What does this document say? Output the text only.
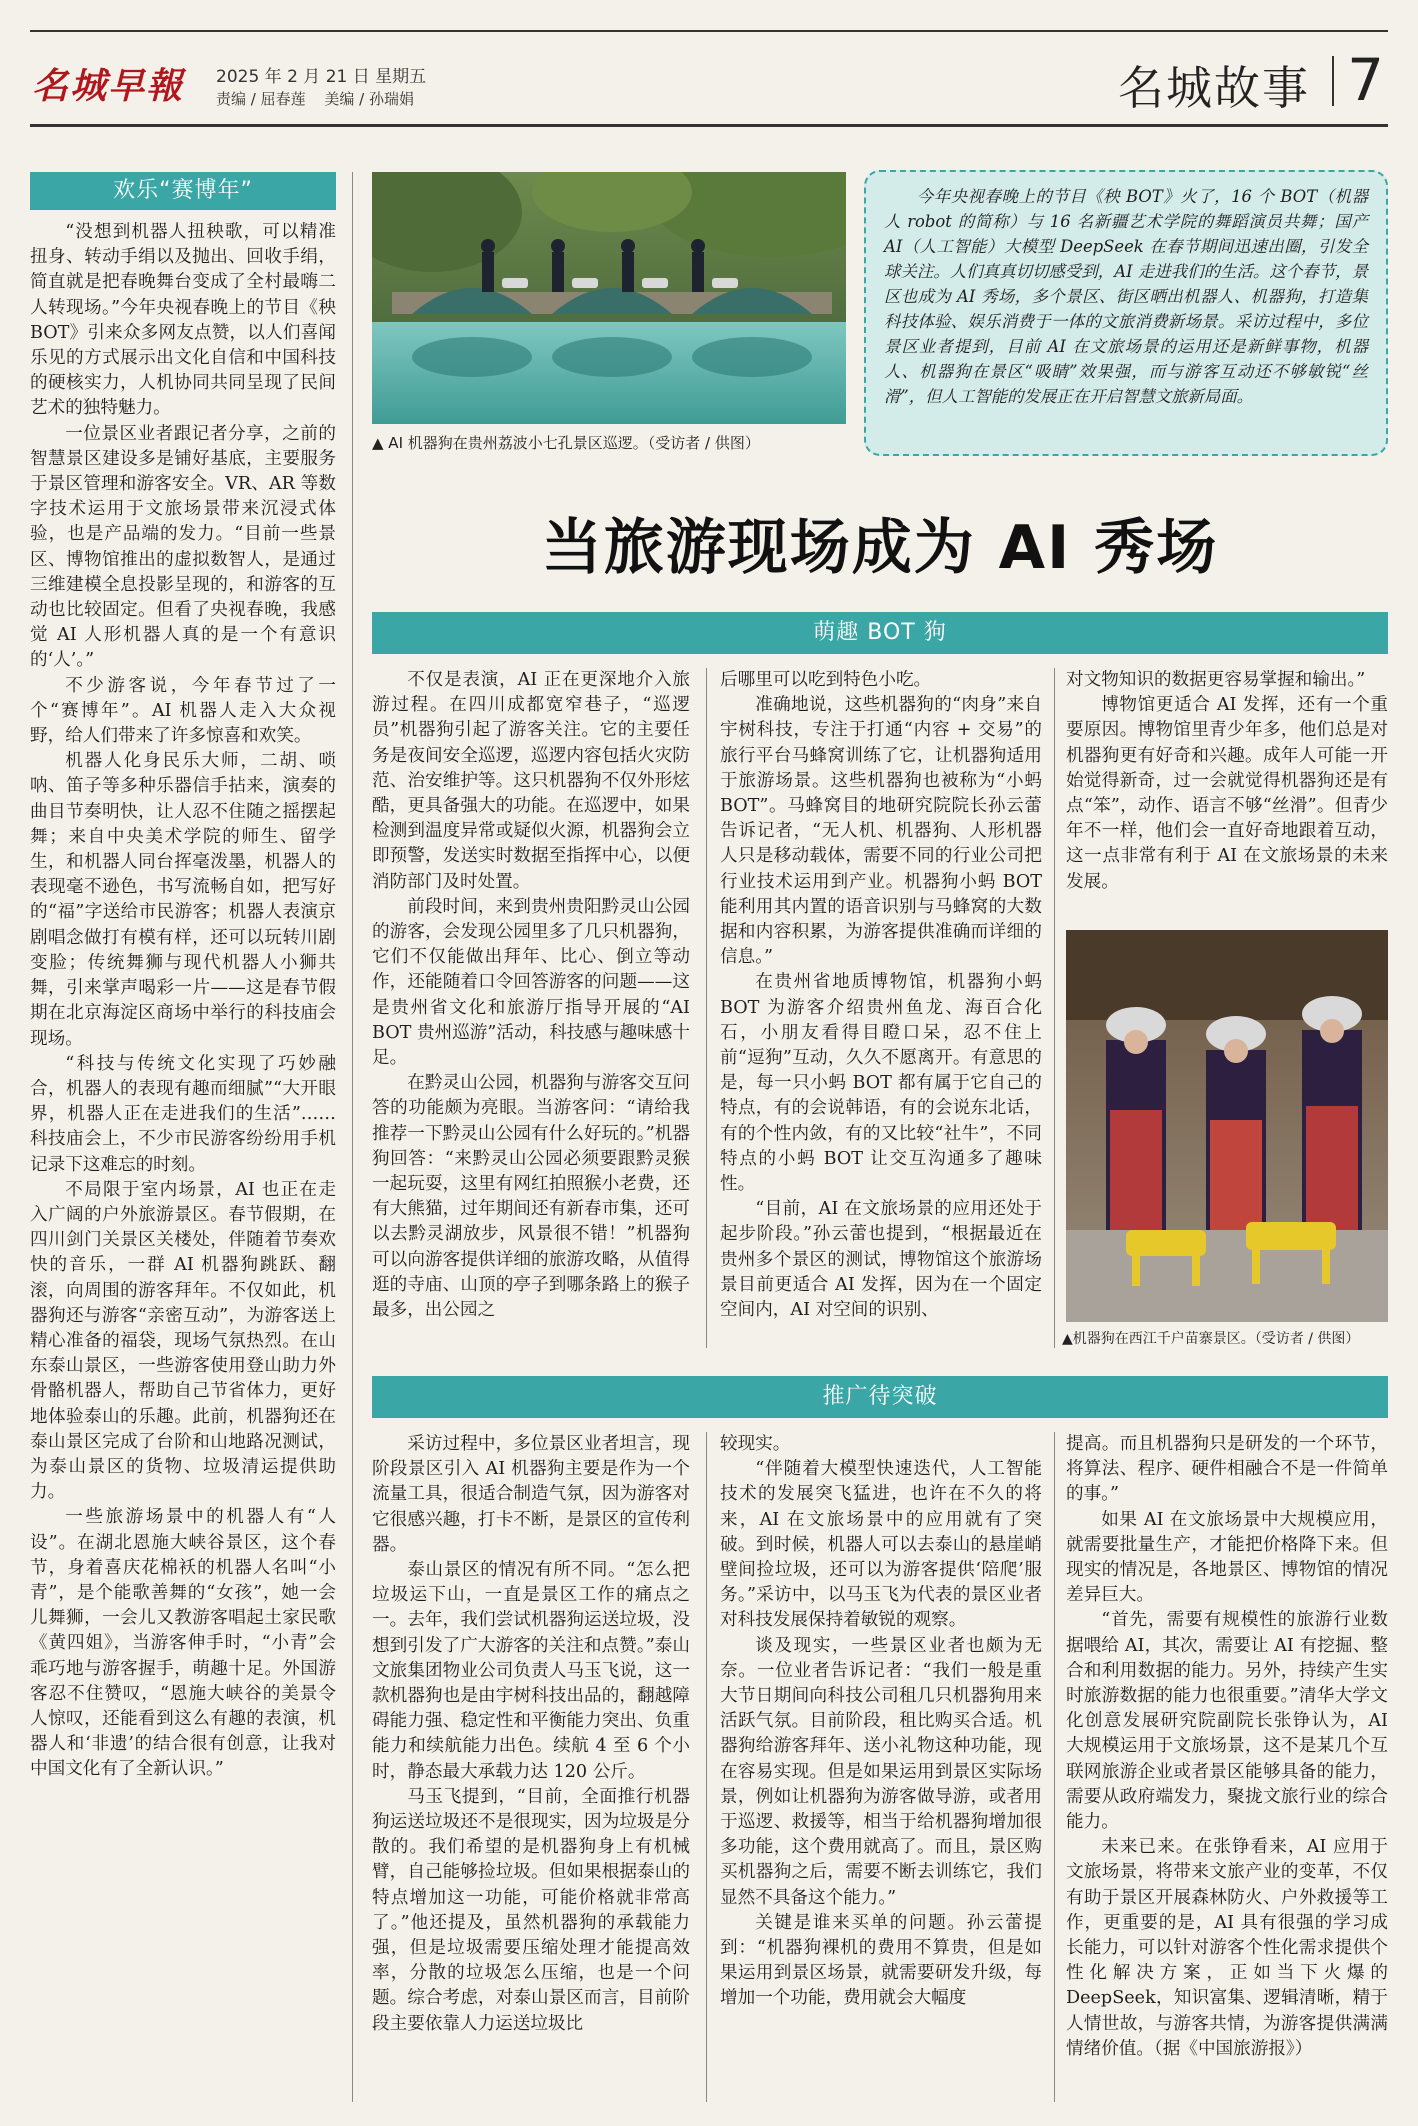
名城早報	2025 年 2 月 21 日 星期五
责编 / 屈春莲 美编 / 孙瑞娟	名城故事 7
欢乐“赛博年”

“没想到机器人扭秧歌，可以精准扭身、转动手绢以及抛出、回收手绢，简直就是把春晚舞台变成了全村最嗨二人转现场。”今年央视春晚上的节目《秧 BOT》引来众多网友点赞，以人们喜闻乐见的方式展示出文化自信和中国科技的硬核实力，人机协同共同呈现了民间艺术的独特魅力。

一位景区业者跟记者分享，之前的智慧景区建设多是铺好基底，主要服务于景区管理和游客安全。VR、AR 等数字技术运用于文旅场景带来沉浸式体验，也是产品端的发力。“目前一些景区、博物馆推出的虚拟数智人，是通过三维建模全息投影呈现的，和游客的互动也比较固定。但看了央视春晚，我感觉 AI 人形机器人真的是一个有意识的‘人’。”

不少游客说，今年春节过了一个“赛博年”。AI 机器人走入大众视野，给人们带来了许多惊喜和欢笑。

机器人化身民乐大师，二胡、唢呐、笛子等多种乐器信手拈来，演奏的曲目节奏明快，让人忍不住随之摇摆起舞；来自中央美术学院的师生、留学生，和机器人同台挥毫泼墨，机器人的表现毫不逊色，书写流畅自如，把写好的“福”字送给市民游客；机器人表演京剧唱念做打有模有样，还可以玩转川剧变脸；传统舞狮与现代机器人小狮共舞，引来掌声喝彩一片——这是春节假期在北京海淀区商场中举行的科技庙会现场。

“科技与传统文化实现了巧妙融合，机器人的表现有趣而细腻”“大开眼界，机器人正在走进我们的生活”……科技庙会上，不少市民游客纷纷用手机记录下这难忘的时刻。

不局限于室内场景，AI 也正在走入广阔的户外旅游景区。春节假期，在四川剑门关景区关楼处，伴随着节奏欢快的音乐，一群 AI 机器狗跳跃、翻滚，向周围的游客拜年。不仅如此，机器狗还与游客“亲密互动”，为游客送上精心准备的福袋，现场气氛热烈。在山东泰山景区，一些游客使用登山助力外骨骼机器人，帮助自己节省体力，更好地体验泰山的乐趣。此前，机器狗还在泰山景区完成了台阶和山地路况测试，为泰山景区的货物、垃圾清运提供助力。

一些旅游场景中的机器人有“人设”。在湖北恩施大峡谷景区，这个春节，身着喜庆花棉袄的机器人名叫“小青”，是个能歌善舞的“女孩”，她一会儿舞狮，一会儿又教游客唱起土家民歌《黄四姐》，当游客伸手时，“小青”会乖巧地与游客握手，萌趣十足。外国游客忍不住赞叹，“恩施大峡谷的美景令人惊叹，还能看到这么有趣的表演，机器人和‘非遗’的结合很有创意，让我对中国文化有了全新认识。”

▲ AI 机器狗在贵州荔波小七孔景区巡逻。（受访者 / 供图）
今年央视春晚上的节目《秧 BOT》火了，16 个 BOT（机器人 robot 的简称）与 16 名新疆艺术学院的舞蹈演员共舞；国产 AI（人工智能）大模型 DeepSeek 在春节期间迅速出圈，引发全球关注。人们真真切切感受到，AI 走进我们的生活。这个春节，景区也成为 AI 秀场，多个景区、街区晒出机器人、机器狗，打造集科技体验、娱乐消费于一体的文旅消费新场景。采访过程中，多位景区业者提到，目前 AI 在文旅场景的运用还是新鲜事物，机器人、机器狗在景区“吸睛”效果强，而与游客互动还不够敏锐“丝滑”，但人工智能的发展正在开启智慧文旅新局面。
当旅游现场成为 AI 秀场
萌趣 BOT 狗

不仅是表演，AI 正在更深地介入旅游过程。在四川成都宽窄巷子，“巡逻员”机器狗引起了游客关注。它的主要任务是夜间安全巡逻，巡逻内容包括火灾防范、治安维护等。这只机器狗不仅外形炫酷，更具备强大的功能。在巡逻中，如果检测到温度异常或疑似火源，机器狗会立即预警，发送实时数据至指挥中心，以便消防部门及时处置。

前段时间，来到贵州贵阳黔灵山公园的游客，会发现公园里多了几只机器狗，它们不仅能做出拜年、比心、倒立等动作，还能随着口令回答游客的问题——这是贵州省文化和旅游厅指导开展的“AI BOT 贵州巡游”活动，科技感与趣味感十足。

在黔灵山公园，机器狗与游客交互问答的功能颇为亮眼。当游客问：“请给我推荐一下黔灵山公园有什么好玩的。”机器狗回答：“来黔灵山公园必须要跟黔灵猴一起玩耍，这里有网红拍照猴小老费，还有大熊猫，过年期间还有新春市集，还可以去黔灵湖放步，风景很不错！”机器狗可以向游客提供详细的旅游攻略，从值得逛的寺庙、山顶的亭子到哪条路上的猴子最多，出公园之

后哪里可以吃到特色小吃。

准确地说，这些机器狗的“肉身”来自宇树科技，专注于打通“内容 + 交易”的旅行平台马蜂窝训练了它，让机器狗适用于旅游场景。这些机器狗也被称为“小蚂 BOT”。马蜂窝目的地研究院院长孙云蕾告诉记者，“无人机、机器狗、人形机器人只是移动载体，需要不同的行业公司把行业技术运用到产业。机器狗小蚂 BOT 能利用其内置的语音识别与马蜂窝的大数据和内容积累，为游客提供准确而详细的信息。”

在贵州省地质博物馆，机器狗小蚂 BOT 为游客介绍贵州鱼龙、海百合化石，小朋友看得目瞪口呆，忍不住上前“逗狗”互动，久久不愿离开。有意思的是，每一只小蚂 BOT 都有属于它自己的特点，有的会说韩语，有的会说东北话，有的个性内敛，有的又比较“社牛”，不同特点的小蚂 BOT 让交互沟通多了趣味性。

“目前，AI 在文旅场景的应用还处于起步阶段。”孙云蕾也提到，“根据最近在贵州多个景区的测试，博物馆这个旅游场景目前更适合 AI 发挥，因为在一个固定空间内，AI 对空间的识别、

对文物知识的数据更容易掌握和输出。”

博物馆更适合 AI 发挥，还有一个重要原因。博物馆里青少年多，他们总是对机器狗更有好奇和兴趣。成年人可能一开始觉得新奇，过一会就觉得机器狗还是有点“笨”，动作、语言不够“丝滑”。但青少年不一样，他们会一直好奇地跟着互动，这一点非常有利于 AI 在文旅场景的未来发展。

▲机器狗在西江千户苗寨景区。（受访者 / 供图）
推广待突破

采访过程中，多位景区业者坦言，现阶段景区引入 AI 机器狗主要是作为一个流量工具，很适合制造气氛，因为游客对它很感兴趣，打卡不断，是景区的宣传利器。

泰山景区的情况有所不同。“怎么把垃圾运下山，一直是景区工作的痛点之一。去年，我们尝试机器狗运送垃圾，没想到引发了广大游客的关注和点赞。”泰山文旅集团物业公司负责人马玉飞说，这一款机器狗也是由宇树科技出品的，翻越障碍能力强、稳定性和平衡能力突出、负重能力和续航能力出色。续航 4 至 6 个小时，静态最大承载力达 120 公斤。

马玉飞提到，“目前，全面推行机器狗运送垃圾还不是很现实，因为垃圾是分散的。我们希望的是机器狗身上有机械臂，自己能够捡垃圾。但如果根据泰山的特点增加这一功能，可能价格就非常高了。”他还提及，虽然机器狗的承载能力强，但是垃圾需要压缩处理才能提高效率，分散的垃圾怎么压缩，也是一个问题。综合考虑，对泰山景区而言，目前阶段主要依靠人力运送垃圾比

较现实。

“伴随着大模型快速迭代，人工智能技术的发展突飞猛进，也许在不久的将来，AI 在文旅场景中的应用就有了突破。到时候，机器人可以去泰山的悬崖峭壁间捡垃圾，还可以为游客提供‘陪爬’服务。”采访中，以马玉飞为代表的景区业者对科技发展保持着敏锐的观察。

谈及现实，一些景区业者也颇为无奈。一位业者告诉记者：“我们一般是重大节日期间向科技公司租几只机器狗用来活跃气氛。目前阶段，租比购买合适。机器狗给游客拜年、送小礼物这种功能，现在容易实现。但是如果运用到景区实际场景，例如让机器狗为游客做导游，或者用于巡逻、救援等，相当于给机器狗增加很多功能，这个费用就高了。而且，景区购买机器狗之后，需要不断去训练它，我们显然不具备这个能力。”

关键是谁来买单的问题。孙云蕾提到：“机器狗裸机的费用不算贵，但是如果运用到景区场景，就需要研发升级，每增加一个功能，费用就会大幅度

提高。而且机器狗只是研发的一个环节，将算法、程序、硬件相融合不是一件简单的事。”

如果 AI 在文旅场景中大规模应用，就需要批量生产，才能把价格降下来。但现实的情况是，各地景区、博物馆的情况差异巨大。

“首先，需要有规模性的旅游行业数据喂给 AI，其次，需要让 AI 有挖掘、整合和利用数据的能力。另外，持续产生实时旅游数据的能力也很重要。”清华大学文化创意发展研究院副院长张铮认为，AI 大规模运用于文旅场景，这不是某几个互联网旅游企业或者景区能够具备的能力，需要从政府端发力，聚拢文旅行业的综合能力。

未来已来。在张铮看来，AI 应用于文旅场景，将带来文旅产业的变革，不仅有助于景区开展森林防火、户外救援等工作，更重要的是，AI 具有很强的学习成长能力，可以针对游客个性化需求提供个性化解决方案，正如当下火爆的 DeepSeek，知识富集、逻辑清晰，精于人情世故，与游客共情，为游客提供满满情绪价值。（据《中国旅游报》）
